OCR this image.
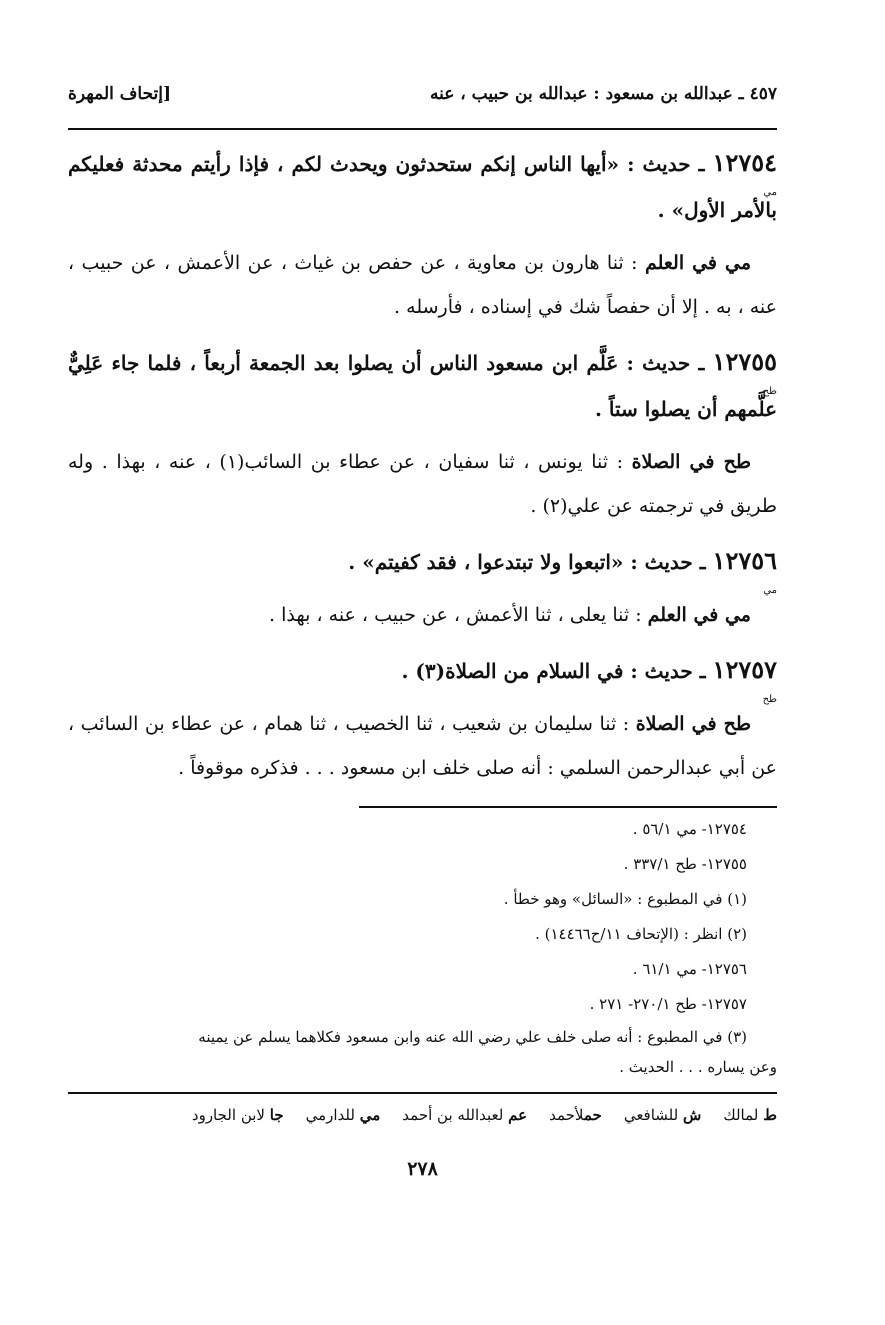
٤٥٧ ـ عبدالله بن مسعود : عبدالله بن حبيب ، عنه
[إتحاف المهرة
١٢٧٥٤
مي
ـ حديث : «أيها الناس إنكم ستحدثون ويحدث لكم ، فإذا رأيتم محدثة فعليكم بالأمر الأول» .
مي في العلم : ثنا هارون بن معاوية ، عن حفص بن غياث ، عن الأعمش ، عن حبيب ، عنه ، به . إلا أن حفصاً شك في إسناده ، فأرسله .
١٢٧٥٥
طح
ـ حديث : عَلَّم ابن مسعود الناس أن يصلوا بعد الجمعة أربعاً ، فلما جاء عَلِيٌّ علَّمهم أن يصلوا ستاً .
طح في الصلاة : ثنا يونس ، ثنا سفيان ، عن عطاء بن السائب(١) ، عنه ، بهذا . وله طريق في ترجمته عن علي(٢) .
١٢٧٥٦
مي
ـ حديث : «اتبعوا ولا تبتدعوا ، فقد كفيتم» .
مي في العلم : ثنا يعلى ، ثنا الأعمش ، عن حبيب ، عنه ، بهذا .
١٢٧٥٧
طح
ـ حديث : في السلام من الصلاة(٣) .
طح في الصلاة : ثنا سليمان بن شعيب ، ثنا الخصيب ، ثنا همام ، عن عطاء بن السائب ، عن أبي عبدالرحمن السلمي : أنه صلى خلف ابن مسعود . . . فذكره موقوفاً .
١٢٧٥٤- مي ٥٦/١ .
١٢٧٥٥- طح ٣٣٧/١ .
(١) في المطبوع : «السائل» وهو خطأ .
(٢) انظر : (الإتحاف ١١/ح١٤٤٦٦) .
١٢٧٥٦- مي ٦١/١ .
١٢٧٥٧- طح ٢٧٠/١- ٢٧١ .
(٣) في المطبوع : أنه صلى خلف علي رضي الله عنه وابن مسعود فكلاهما يسلم عن يمينه
وعن يساره . . . الحديث .
ط لمالك
ش للشافعي
حملأحمد
عم لعبدالله بن أحمد
مي للدارمي
جا لابن الجارود
٢٧٨
